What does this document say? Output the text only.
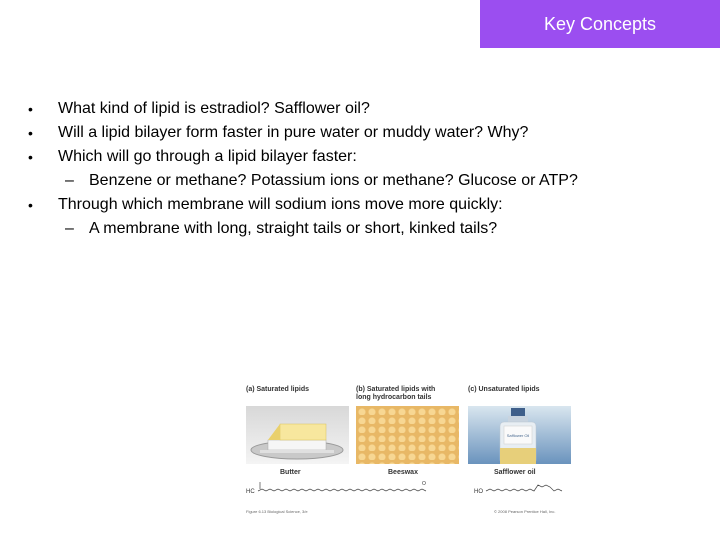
Key Concepts
•	What kind of lipid is estradiol? Safflower oil?
•	Will a lipid bilayer form faster in pure water or muddy water? Why?
•	Which will go through a lipid bilayer faster:
– Benzene or methane? Potassium ions or methane? Glucose or ATP?
•	Through which membrane will sodium ions move more quickly:
– A membrane with long, straight tails or short, kinked tails?
(a) Saturated lipids	(b) Saturated lipids with
long hydrocarbon tails
(c) Unsaturated lipids
Safflower Oil
Butter	Beeswax	Safflower oil
HC
O
HO
Figure 6.13 Biological Science, 3/e	© 2008 Pearson Prentice Hall, Inc.
